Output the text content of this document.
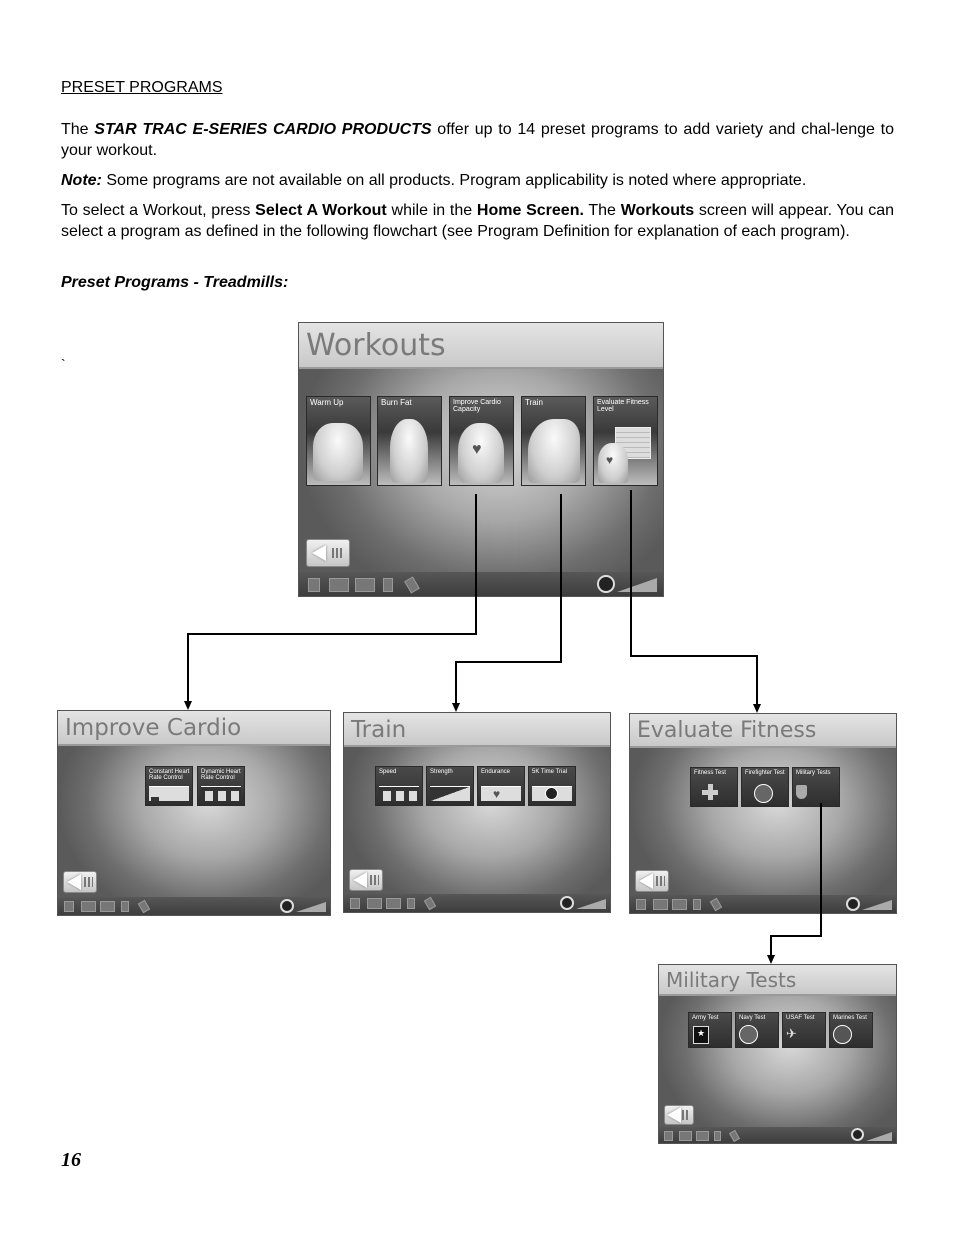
PRESET PROGRAMS
The STAR TRAC E-SERIES CARDIO PRODUCTS offer up to 14 preset programs to add variety and chal-lenge to your workout.
Note: Some programs are not available on all products. Program applicability is noted where appropriate.
To select a Workout, press Select A Workout while in the Home Screen. The Workouts screen will appear. You can select a program as defined in the following flowchart (see Program Definition for explanation of each program).
Preset Programs - Treadmills:
`
Workouts
Warm Up	Burn Fat	Improve Cardio Capacity
♥
Train	Evaluate Fitness Level
♥
Improve Cardio
Constant Heart Rate Control
Dynamic Heart Rate Control
Train
Speed	Strength	Endurance
♥
5K Time Trial
Evaluate Fitness
Fitness Test	Firefighter Test Military Tests
Military Tests
Army Test
★
Navy Test	USAF Test
✈
Marines Test
16
